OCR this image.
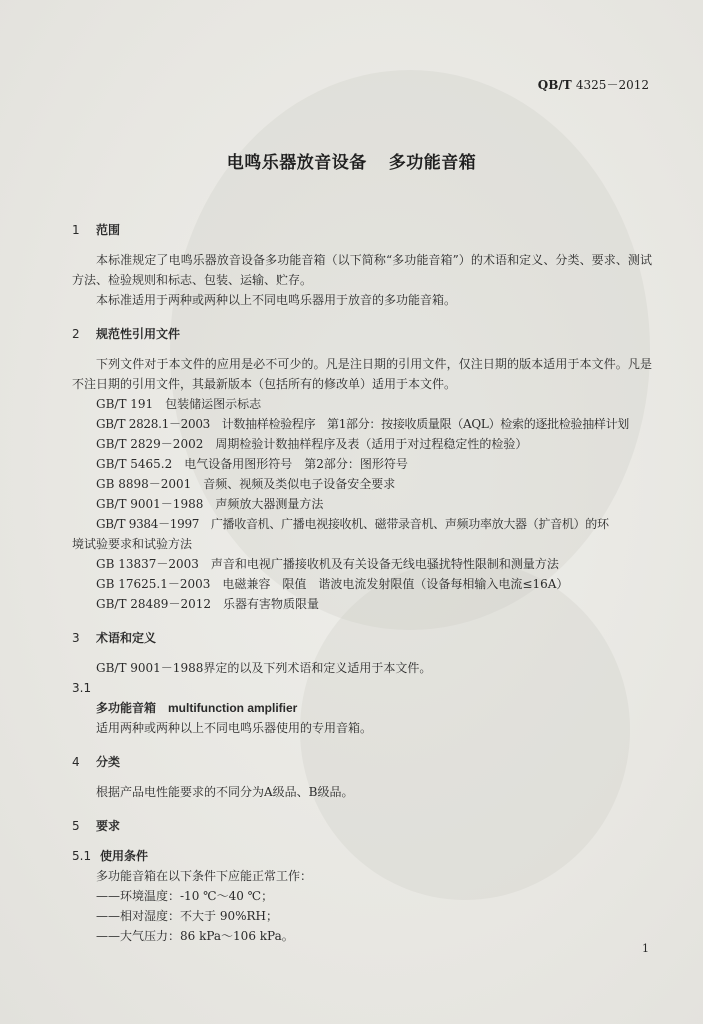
QB/T 4325－2012
电鸣乐器放音设备 多功能音箱

1 范围

本标准规定了电鸣乐器放音设备多功能音箱（以下简称“多功能音箱”）的术语和定义、分类、要求、测试方法、检验规则和标志、包装、运输、贮存。

本标准适用于两种或两种以上不同电鸣乐器用于放音的多功能音箱。

2 规范性引用文件

下列文件对于本文件的应用是必不可少的。凡是注日期的引用文件，仅注日期的版本适用于本文件。凡是不注日期的引用文件，其最新版本（包括所有的修改单）适用于本文件。

GB/T 191　包装储运图示标志

GB/T 2828.1－2003　计数抽样检验程序　第1部分：按接收质量限（AQL）检索的逐批检验抽样计划

GB/T 2829－2002　周期检验计数抽样程序及表（适用于对过程稳定性的检验）

GB/T 5465.2　电气设备用图形符号　第2部分：图形符号

GB 8898－2001　音频、视频及类似电子设备安全要求

GB/T 9001－1988　声频放大器测量方法

GB/T 9384－1997　广播收音机、广播电视接收机、磁带录音机、声频功率放大器（扩音机）的环

境试验要求和试验方法

GB 13837－2003　声音和电视广播接收机及有关设备无线电骚扰特性限制和测量方法

GB 17625.1－2003　电磁兼容　限值　谐波电流发射限值（设备每相输入电流≤16A）

GB/T 28489－2012　乐器有害物质限量

3 术语和定义

GB/T 9001－1988界定的以及下列术语和定义适用于本文件。

3.1

多功能音箱 multifunction amplifier

适用两种或两种以上不同电鸣乐器使用的专用音箱。

4 分类

根据产品电性能要求的不同分为A级品、B级品。

5 要求

5.1 使用条件

多功能音箱在以下条件下应能正常工作：

——环境温度：-10 ℃～40 ℃；

——相对湿度：不大于 90%RH；

——大气压力：86 kPa～106 kPa。

1
